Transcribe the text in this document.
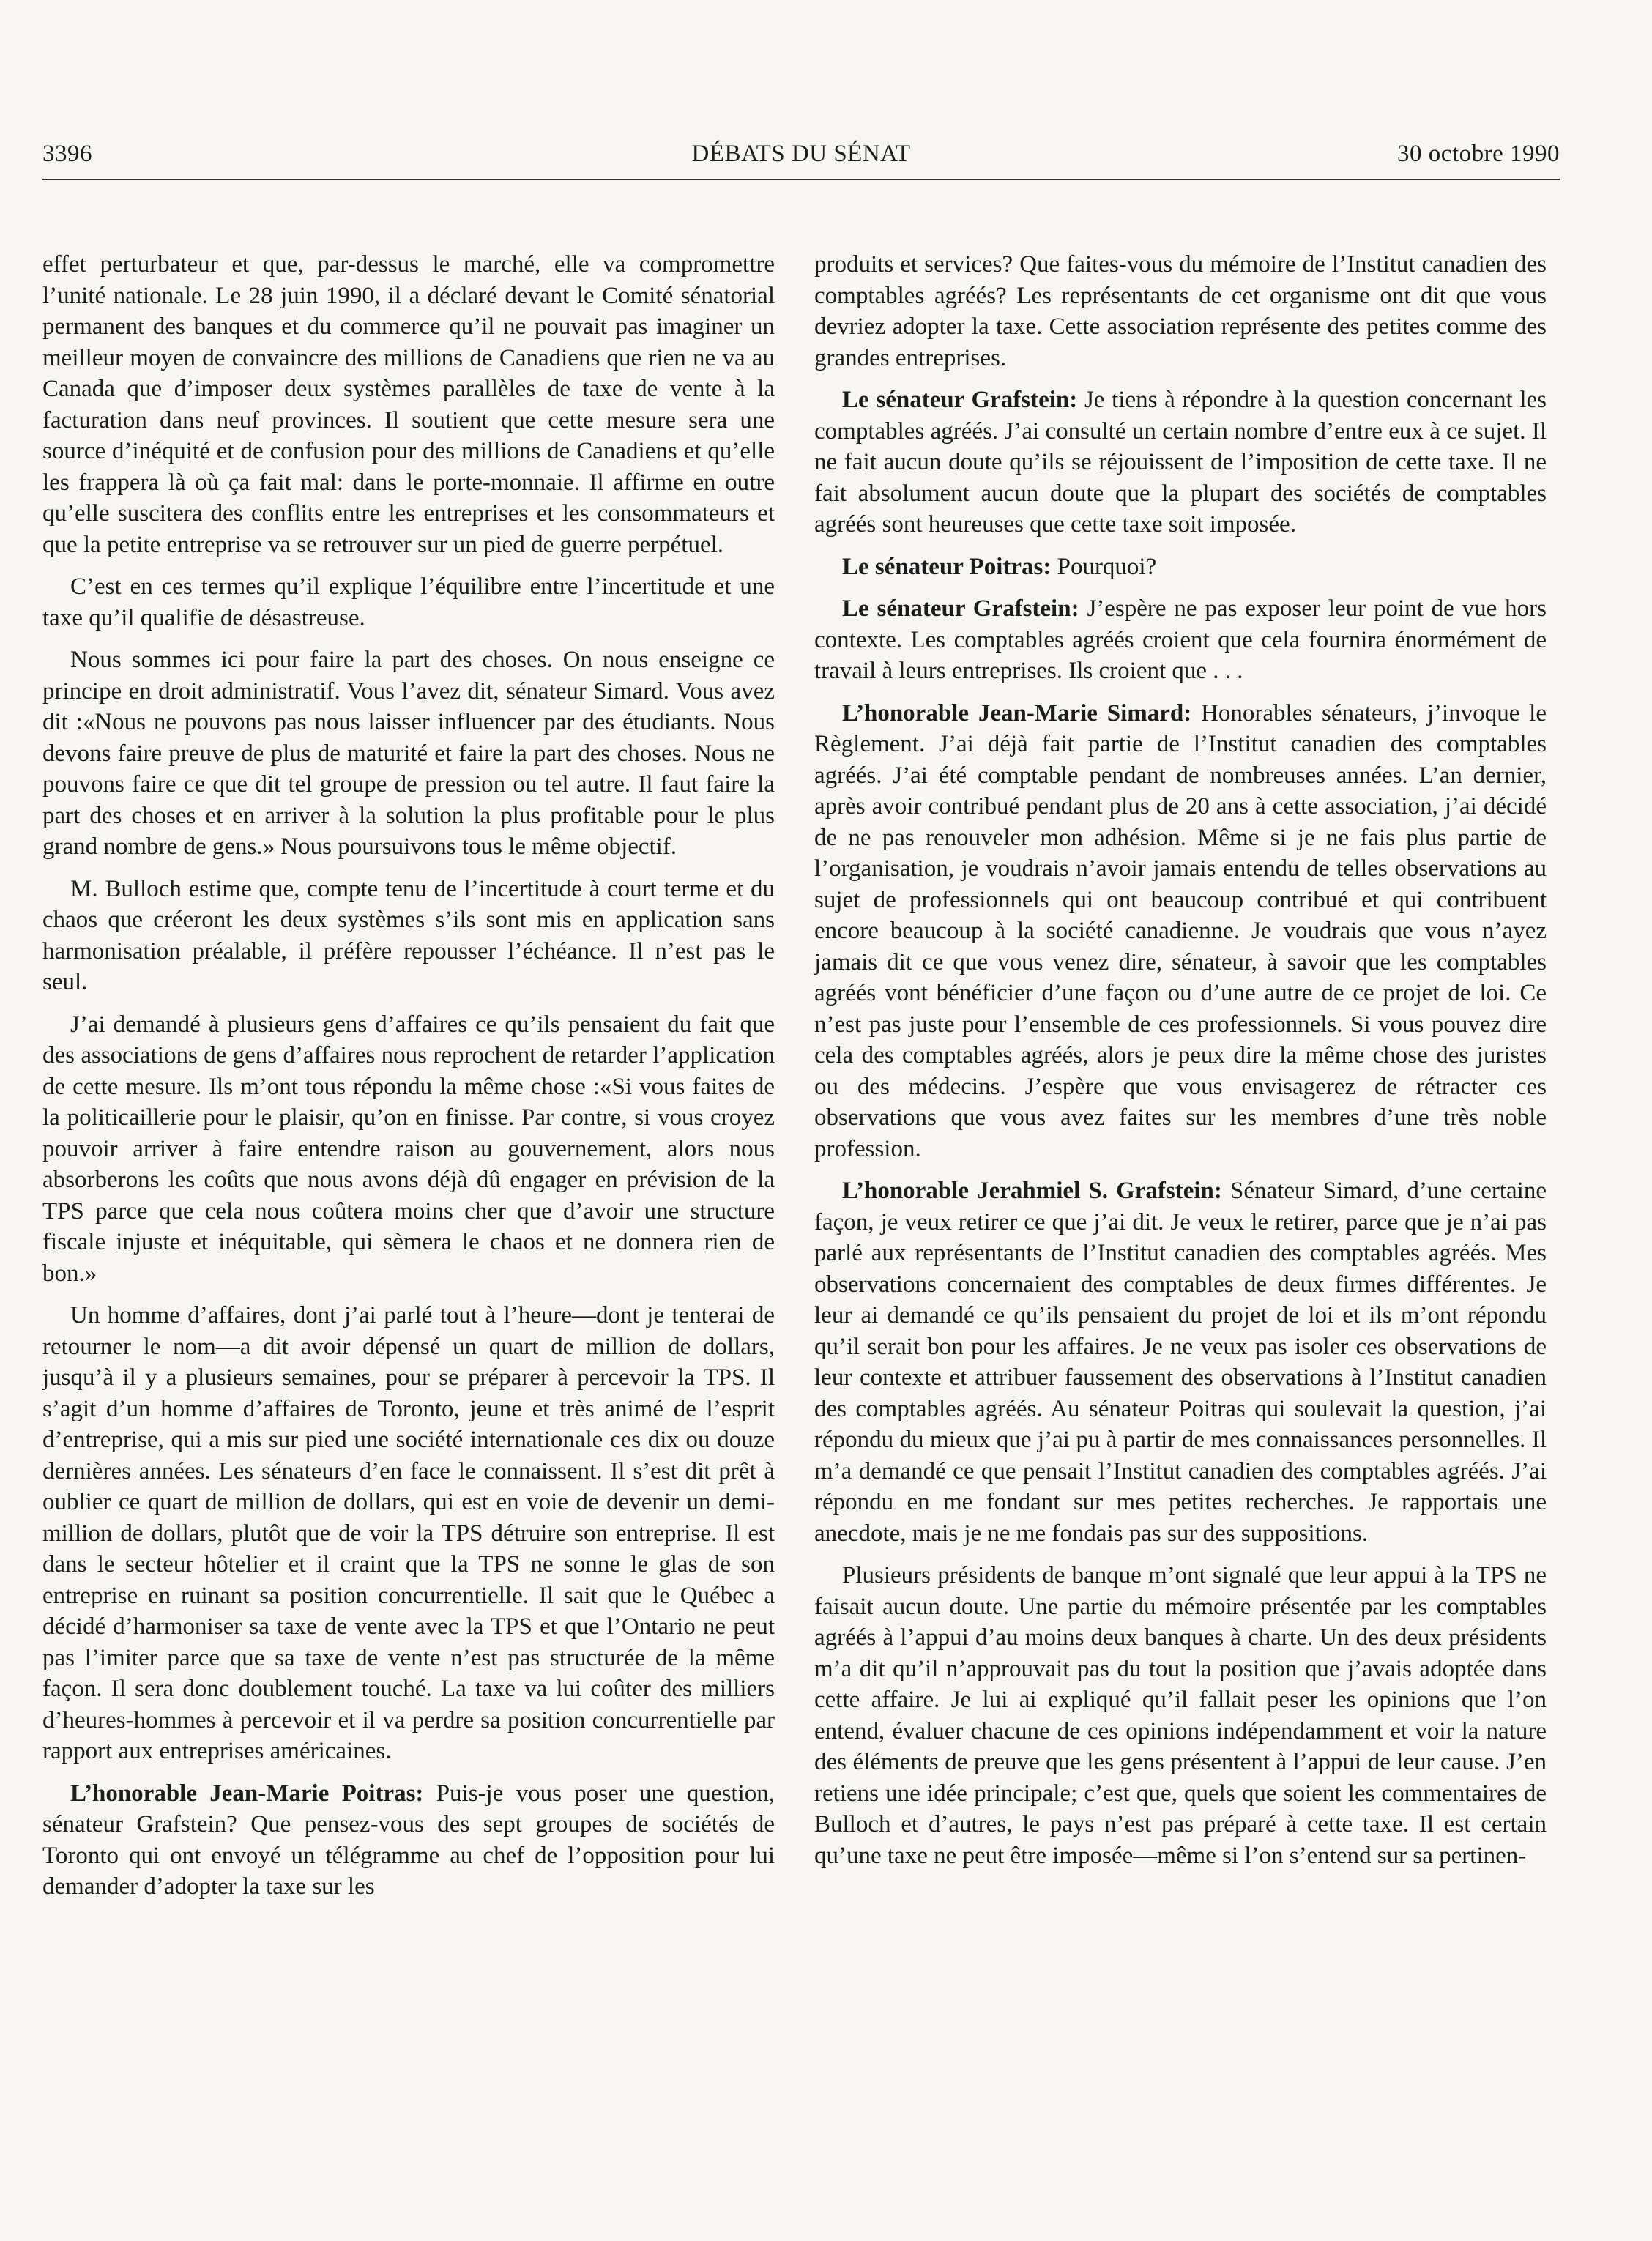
3396	DÉBATS DU SÉNAT	30 octobre 1990

effet perturbateur et que, par-dessus le marché, elle va compromettre l’unité nationale. Le 28 juin 1990, il a déclaré devant le Comité sénatorial permanent des banques et du commerce qu’il ne pouvait pas imaginer un meilleur moyen de convaincre des millions de Canadiens que rien ne va au Canada que d’imposer deux systèmes parallèles de taxe de vente à la facturation dans neuf provinces. Il soutient que cette mesure sera une source d’inéquité et de confusion pour des millions de Canadiens et qu’elle les frappera là où ça fait mal: dans le porte-monnaie. Il affirme en outre qu’elle suscitera des conflits entre les entreprises et les consommateurs et que la petite entreprise va se retrouver sur un pied de guerre perpétuel.

C’est en ces termes qu’il explique l’équilibre entre l’incertitude et une taxe qu’il qualifie de désastreuse.

Nous sommes ici pour faire la part des choses. On nous enseigne ce principe en droit administratif. Vous l’avez dit, sénateur Simard. Vous avez dit :«Nous ne pouvons pas nous laisser influencer par des étudiants. Nous devons faire preuve de plus de maturité et faire la part des choses. Nous ne pouvons faire ce que dit tel groupe de pression ou tel autre. Il faut faire la part des choses et en arriver à la solution la plus profitable pour le plus grand nombre de gens.» Nous poursuivons tous le même objectif.

M. Bulloch estime que, compte tenu de l’incertitude à court terme et du chaos que créeront les deux systèmes s’ils sont mis en application sans harmonisation préalable, il préfère repousser l’échéance. Il n’est pas le seul.

J’ai demandé à plusieurs gens d’affaires ce qu’ils pensaient du fait que des associations de gens d’affaires nous reprochent de retarder l’application de cette mesure. Ils m’ont tous répondu la même chose :«Si vous faites de la politicaillerie pour le plaisir, qu’on en finisse. Par contre, si vous croyez pouvoir arriver à faire entendre raison au gouvernement, alors nous absorberons les coûts que nous avons déjà dû engager en prévision de la TPS parce que cela nous coûtera moins cher que d’avoir une structure fiscale injuste et inéquitable, qui sèmera le chaos et ne donnera rien de bon.»

Un homme d’affaires, dont j’ai parlé tout à l’heure—dont je tenterai de retourner le nom—a dit avoir dépensé un quart de million de dollars, jusqu’à il y a plusieurs semaines, pour se préparer à percevoir la TPS. Il s’agit d’un homme d’affaires de Toronto, jeune et très animé de l’esprit d’entreprise, qui a mis sur pied une société internationale ces dix ou douze dernières années. Les sénateurs d’en face le connaissent. Il s’est dit prêt à oublier ce quart de million de dollars, qui est en voie de devenir un demi-million de dollars, plutôt que de voir la TPS détruire son entreprise. Il est dans le secteur hôtelier et il craint que la TPS ne sonne le glas de son entreprise en ruinant sa position concurrentielle. Il sait que le Québec a décidé d’harmoniser sa taxe de vente avec la TPS et que l’Ontario ne peut pas l’imiter parce que sa taxe de vente n’est pas structurée de la même façon. Il sera donc doublement touché. La taxe va lui coûter des milliers d’heures-hommes à percevoir et il va perdre sa position concurrentielle par rapport aux entreprises américaines.

L’honorable Jean-Marie Poitras: Puis-je vous poser une question, sénateur Grafstein? Que pensez-vous des sept groupes de sociétés de Toronto qui ont envoyé un télégramme au chef de l’opposition pour lui demander d’adopter la taxe sur les

produits et services? Que faites-vous du mémoire de l’Institut canadien des comptables agréés? Les représentants de cet organisme ont dit que vous devriez adopter la taxe. Cette association représente des petites comme des grandes entreprises.

Le sénateur Grafstein: Je tiens à répondre à la question concernant les comptables agréés. J’ai consulté un certain nombre d’entre eux à ce sujet. Il ne fait aucun doute qu’ils se réjouissent de l’imposition de cette taxe. Il ne fait absolument aucun doute que la plupart des sociétés de comptables agréés sont heureuses que cette taxe soit imposée.

Le sénateur Poitras: Pourquoi?

Le sénateur Grafstein: J’espère ne pas exposer leur point de vue hors contexte. Les comptables agréés croient que cela fournira énormément de travail à leurs entreprises. Ils croient que . . .

L’honorable Jean-Marie Simard: Honorables sénateurs, j’invoque le Règlement. J’ai déjà fait partie de l’Institut canadien des comptables agréés. J’ai été comptable pendant de nombreuses années. L’an dernier, après avoir contribué pendant plus de 20 ans à cette association, j’ai décidé de ne pas renouveler mon adhésion. Même si je ne fais plus partie de l’organisation, je voudrais n’avoir jamais entendu de telles observations au sujet de professionnels qui ont beaucoup contribué et qui contribuent encore beaucoup à la société canadienne. Je voudrais que vous n’ayez jamais dit ce que vous venez dire, sénateur, à savoir que les comptables agréés vont bénéficier d’une façon ou d’une autre de ce projet de loi. Ce n’est pas juste pour l’ensemble de ces professionnels. Si vous pouvez dire cela des comptables agréés, alors je peux dire la même chose des juristes ou des médecins. J’espère que vous envisagerez de rétracter ces observations que vous avez faites sur les membres d’une très noble profession.

L’honorable Jerahmiel S. Grafstein: Sénateur Simard, d’une certaine façon, je veux retirer ce que j’ai dit. Je veux le retirer, parce que je n’ai pas parlé aux représentants de l’Institut canadien des comptables agréés. Mes observations concernaient des comptables de deux firmes différentes. Je leur ai demandé ce qu’ils pensaient du projet de loi et ils m’ont répondu qu’il serait bon pour les affaires. Je ne veux pas isoler ces observations de leur contexte et attribuer faussement des observations à l’Institut canadien des comptables agréés. Au sénateur Poitras qui soulevait la question, j’ai répondu du mieux que j’ai pu à partir de mes connaissances personnelles. Il m’a demandé ce que pensait l’Institut canadien des comptables agréés. J’ai répondu en me fondant sur mes petites recherches. Je rapportais une anecdote, mais je ne me fondais pas sur des suppositions.

Plusieurs présidents de banque m’ont signalé que leur appui à la TPS ne faisait aucun doute. Une partie du mémoire présentée par les comptables agréés à l’appui d’au moins deux banques à charte. Un des deux présidents m’a dit qu’il n’approuvait pas du tout la position que j’avais adoptée dans cette affaire. Je lui ai expliqué qu’il fallait peser les opinions que l’on entend, évaluer chacune de ces opinions indépendamment et voir la nature des éléments de preuve que les gens présentent à l’appui de leur cause. J’en retiens une idée principale; c’est que, quels que soient les commentaires de Bulloch et d’autres, le pays n’est pas préparé à cette taxe. Il est certain qu’une taxe ne peut être imposée—même si l’on s’entend sur sa pertinen-
